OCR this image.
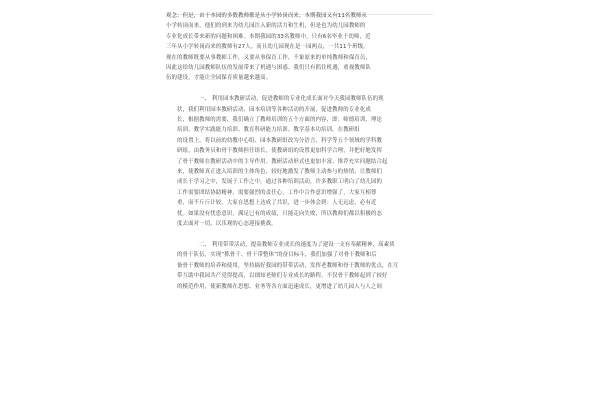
观念。但是，由于本园的多数教师都是从小学转岗而来，本期我园又有11名教师从
小学转岗而来，他们的到来为幼儿园注入新的活力和生机，但是也为幼儿园教师的
专业化成长带来新的问题和困难。本期我园的33名教师中，只有6名毕业于幼师，近
三年从小学转岗而来的教师有27人。而且幼儿园现在是一园两点，一共11个班级，
现在的教师既要从事教师工作，又要从事保育工作，不象原来的单纯教师和保育员，
因此这给幼儿园教师队伍的发展带来了机遇与困惑。我们只有抓住机遇，重视教师队
伍的建设，才能让全园保育质量越来越高。
一、 利用园本教研活动，促进教师的专业化成长面对今天我园教师队伍的现
状，我们利用园本教研活动、园本培训等各种活动的开展，促进教师的专业化成
长，根据教师的需要，我们确立了教师培训的五个方面的内容，即：师德培训、理论
培训、教学实践能力培训、教育科研能力培训、教学基本功培训。在教研组
的设置上，将以前的幼教中心组、园本教研组改为分语言、科学等五个领域的学科教
研组，由教务员和骨干教师担任组长，使教研组的设置更加科学合理，并把好地发挥
了骨干教师在教研活动中的主导作用。教研活动形式也更加丰富，推荐充实问题结合起
来，使教师真正进入培训的主体角色，较好地激发了教师主动参与的热情，让教师们
成长于学习之中，发展于工作之中。通过各种培训活动，许多教职工明白了幼儿园的
工作需要团结协助精神，需要强烈的责任心，工作中合作意识增强了，大家互相尊
重，而不斤斤计较。大家在思想上达成了共识，进一步体会到：人无远虑，必有近
忧。如果没有忧患意识，满足已有的成绩，只能走向失败，所以教师们都以积极的态
度去面对一切，以乐观的心态迎接挑战。
二、 利用带带活动，提高教师专业成长的速度为了建设一支有奉献精神、高素质
的骨干队伍，实现“抓骨干、骨干带整体”的奋目标斗，我们加强了对骨干教师和后
备骨干教师的培养和使用，坚持搞好我园的带带活动，发挥老教师和骨干教师的优点，在互
带互助中我园共产党得提高，以细知老师们专业成长的路程。不仅骨干教师起到了较好
的模范作用，使新教师在思想、业务等各方面迅速成长，更增进了幼儿园人与人之间
